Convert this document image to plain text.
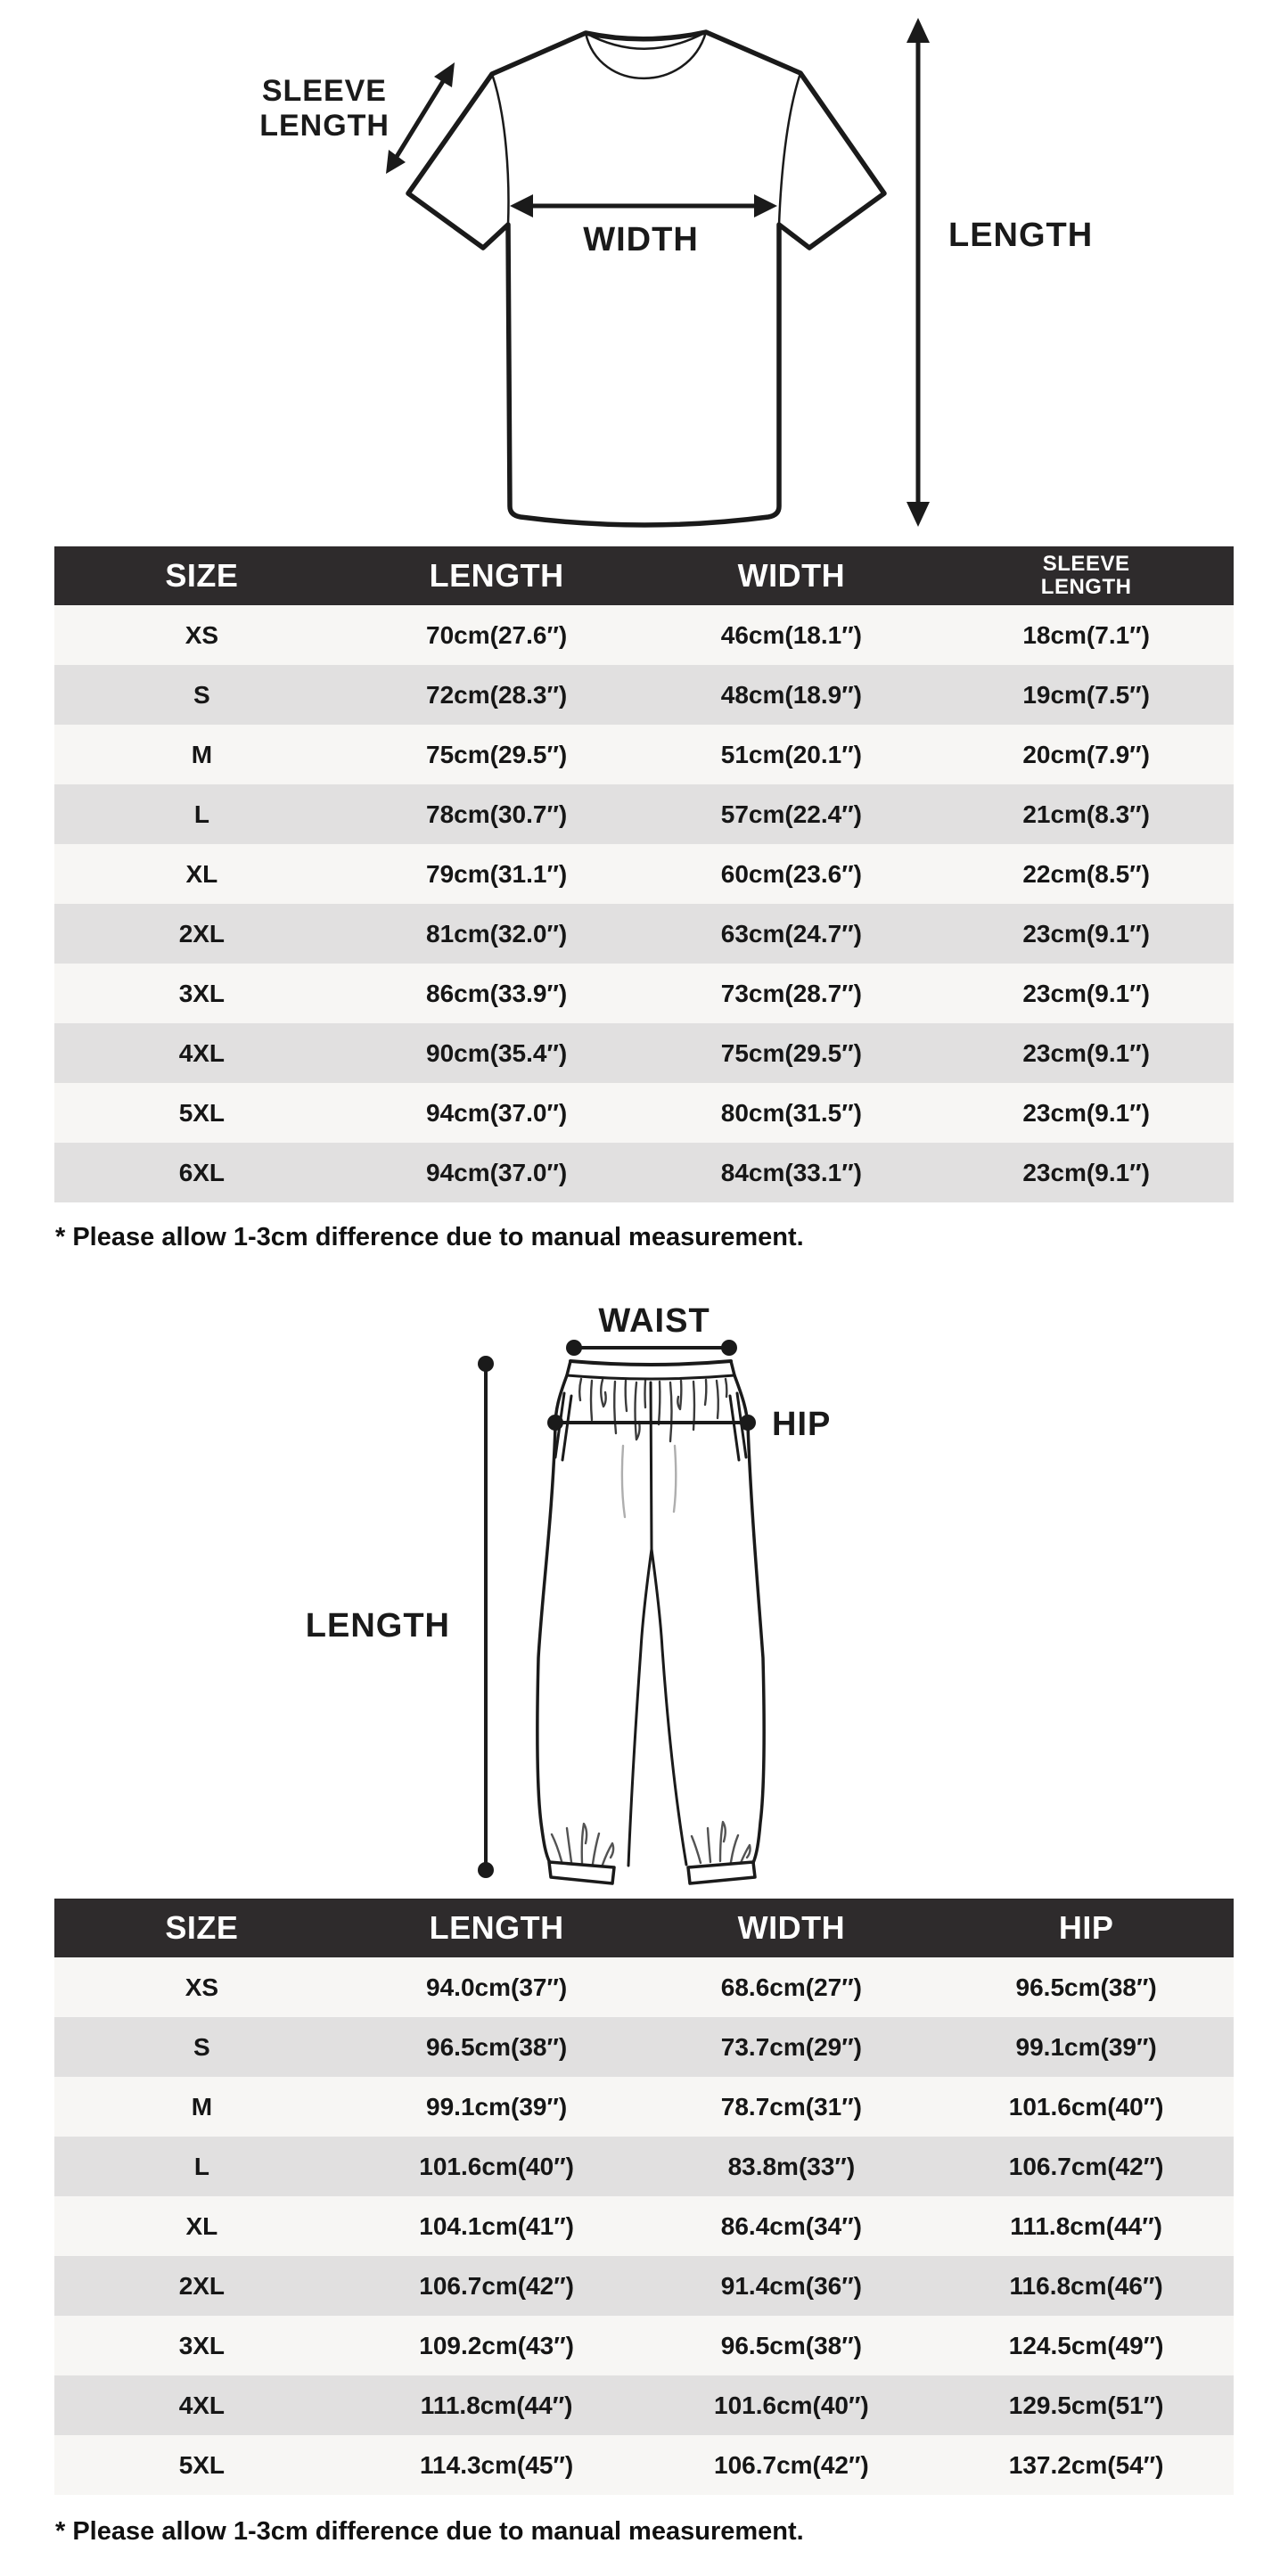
WIDTH	LENGTH
SLEEVE
LENGTH
SIZE	LENGTH	WIDTH	SLEEVE LENGTH
XS	70cm(27.6″)	46cm(18.1″)	18cm(7.1″)
S	72cm(28.3″)	48cm(18.9″)	19cm(7.5″)
M	75cm(29.5″)	51cm(20.1″)	20cm(7.9″)
L	78cm(30.7″)	57cm(22.4″)	21cm(8.3″)
XL	79cm(31.1″)	60cm(23.6″)	22cm(8.5″)
2XL	81cm(32.0″)	63cm(24.7″)	23cm(9.1″)
3XL	86cm(33.9″)	73cm(28.7″)	23cm(9.1″)
4XL	90cm(35.4″)	75cm(29.5″)	23cm(9.1″)
5XL	94cm(37.0″)	80cm(31.5″)	23cm(9.1″)
6XL	94cm(37.0″)	84cm(33.1″)	23cm(9.1″)

* Please allow 1-3cm difference due to manual measurement.

WAIST
HIP
LENGTH
SIZE	LENGTH	WIDTH	HIP
XS	94.0cm(37″)	68.6cm(27″)	96.5cm(38″)
S	96.5cm(38″)	73.7cm(29″)	99.1cm(39″)
M	99.1cm(39″)	78.7cm(31″)	101.6cm(40″)
L	101.6cm(40″)	83.8m(33″)	106.7cm(42″)
XL	104.1cm(41″)	86.4cm(34″)	111.8cm(44″)
2XL	106.7cm(42″)	91.4cm(36″)	116.8cm(46″)
3XL	109.2cm(43″)	96.5cm(38″)	124.5cm(49″)
4XL	111.8cm(44″)	101.6cm(40″)	129.5cm(51″)
5XL	114.3cm(45″)	106.7cm(42″)	137.2cm(54″)

* Please allow 1-3cm difference due to manual measurement.
